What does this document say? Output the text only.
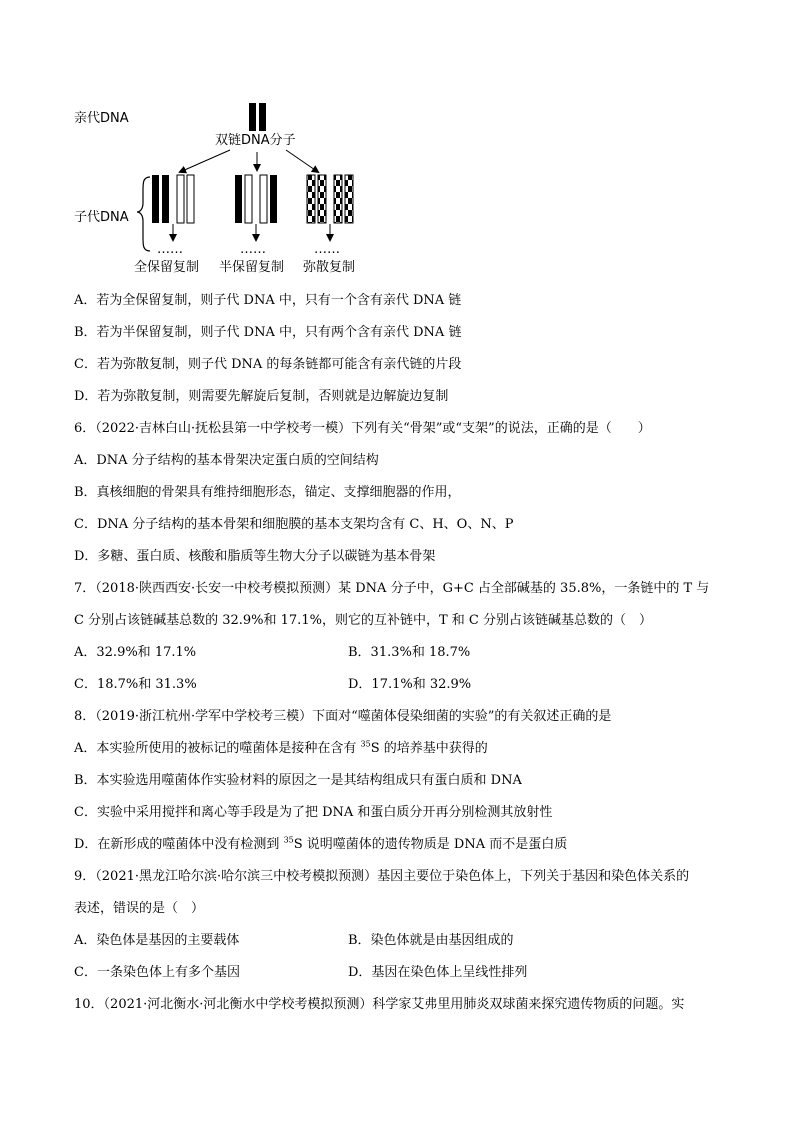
亲代DNA
双链DNA分子
子代DNA
……	……	……
全保留复制 半保留复制 弥散复制
A．若为全保留复制，则子代 DNA 中，只有一个含有亲代 DNA 链
B．若为半保留复制，则子代 DNA 中，只有两个含有亲代 DNA 链
C．若为弥散复制，则子代 DNA 的每条链都可能含有亲代链的片段
D．若为弥散复制，则需要先解旋后复制，否则就是边解旋边复制
6．（2022·吉林白山·抚松县第一中学校考一模）下列有关“骨架”或“支架”的说法，正确的是（　　）
A．DNA 分子结构的基本骨架决定蛋白质的空间结构
B．真核细胞的骨架具有维持细胞形态，锚定、支撑细胞器的作用，
C．DNA 分子结构的基本骨架和细胞膜的基本支架均含有 C、H、O、N、P
D．多糖、蛋白质、核酸和脂质等生物大分子以碳链为基本骨架
7．（2018·陕西西安·长安一中校考模拟预测）某 DNA 分子中，G+C 占全部碱基的 35.8%，一条链中的 T 与
C 分别占该链碱基总数的 32.9%和 17.1%，则它的互补链中，T 和 C 分别占该链碱基总数的（　）
A．32.9%和 17.1%	B．31.3%和 18.7%
C．18.7%和 31.3%	D．17.1%和 32.9%
8．（2019·浙江杭州·学军中学校考三模）下面对“噬菌体侵染细菌的实验”的有关叙述正确的是
A．本实验所使用的被标记的噬菌体是接种在含有 $^{35}$S 的培养基中获得的
B．本实验选用噬菌体作实验材料的原因之一是其结构组成只有蛋白质和 DNA
C．实验中采用搅拌和离心等手段是为了把 DNA 和蛋白质分开再分别检测其放射性
D．在新形成的噬菌体中没有检测到 $^{35}$S 说明噬菌体的遗传物质是 DNA 而不是蛋白质
9．（2021·黑龙江哈尔滨·哈尔滨三中校考模拟预测）基因主要位于染色体上，下列关于基因和染色体关系的
表述，错误的是（　）
A．染色体是基因的主要载体	B．染色体就是由基因组成的
C．一条染色体上有多个基因	D．基因在染色体上呈线性排列
10．（2021·河北衡水·河北衡水中学校考模拟预测）科学家艾弗里用肺炎双球菌来探究遗传物质的问题。实
